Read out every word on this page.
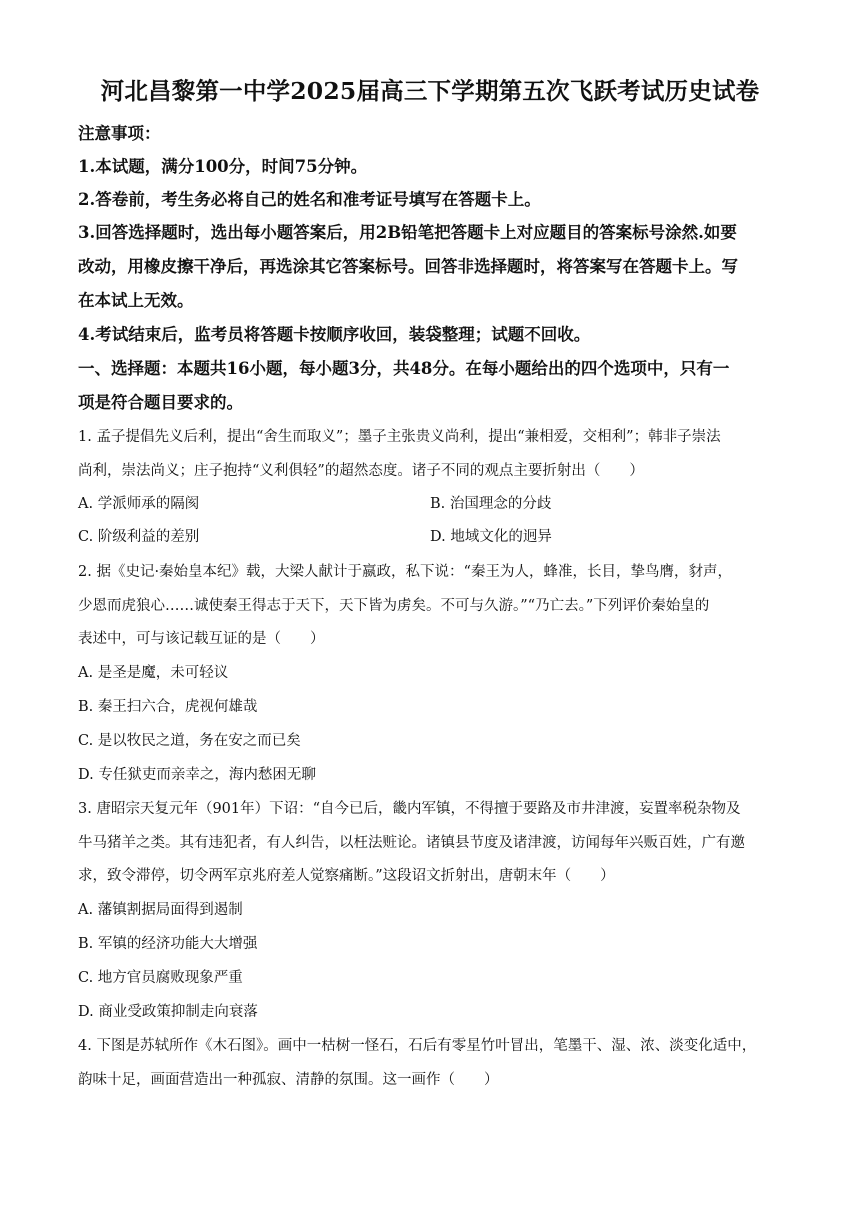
河北昌黎第一中学2025届高三下学期第五次飞跃考试历史试卷
注意事项：
1.本试题，满分100分，时间75分钟。
2.答卷前，考生务必将自己的姓名和准考证号填写在答题卡上。
3.回答选择题时，选出每小题答案后，用2B铅笔把答题卡上对应题目的答案标号涂然.如要
改动，用橡皮擦干净后，再选涂其它答案标号。回答非选择题时，将答案写在答题卡上。写
在本试上无效。
4.考试结束后，监考员将答题卡按顺序收回，装袋整理；试题不回收。
一、选择题：本题共16小题，每小题3分，共48分。在每小题给出的四个选项中，只有一
项是符合题目要求的。
1. 孟子提倡先义后利，提出“舍生而取义”；墨子主张贵义尚利，提出“兼相爱，交相利”；韩非子崇法
尚利，崇法尚义；庄子抱持“义利俱轻”的超然态度。诸子不同的观点主要折射出（　　）
A. 学派师承的隔阂	B. 治国理念的分歧
C. 阶级利益的差别	D. 地域文化的迥异
2. 据《史记·秦始皇本纪》载，大梁人献计于嬴政，私下说：“秦王为人，蜂准，长目，挚鸟膺，豺声，
少恩而虎狼心……诚使秦王得志于天下，天下皆为虏矣。不可与久游。”“乃亡去。”下列评价秦始皇的
表述中，可与该记载互证的是（　　）
A. 是圣是魔，未可轻议
B. 秦王扫六合，虎视何雄哉
C. 是以牧民之道，务在安之而已矣
D. 专任狱吏而亲幸之，海内愁困无聊
3. 唐昭宗天复元年（901年）下诏：“自今已后，畿内军镇，不得擅于要路及市井津渡，妄置率税杂物及
牛马猪羊之类。其有违犯者，有人纠告，以枉法赃论。诸镇县节度及诸津渡，访闻每年兴贩百姓，广有邀
求，致令滞停，切令两军京兆府差人觉察痛断。”这段诏文折射出，唐朝末年（　　）
A. 藩镇割据局面得到遏制
B. 军镇的经济功能大大增强
C. 地方官员腐败现象严重
D. 商业受政策抑制走向衰落
4. 下图是苏轼所作《木石图》。画中一枯树一怪石，石后有零星竹叶冒出，笔墨干、湿、浓、淡变化适中，
韵味十足，画面营造出一种孤寂、清静的氛围。这一画作（　　）
